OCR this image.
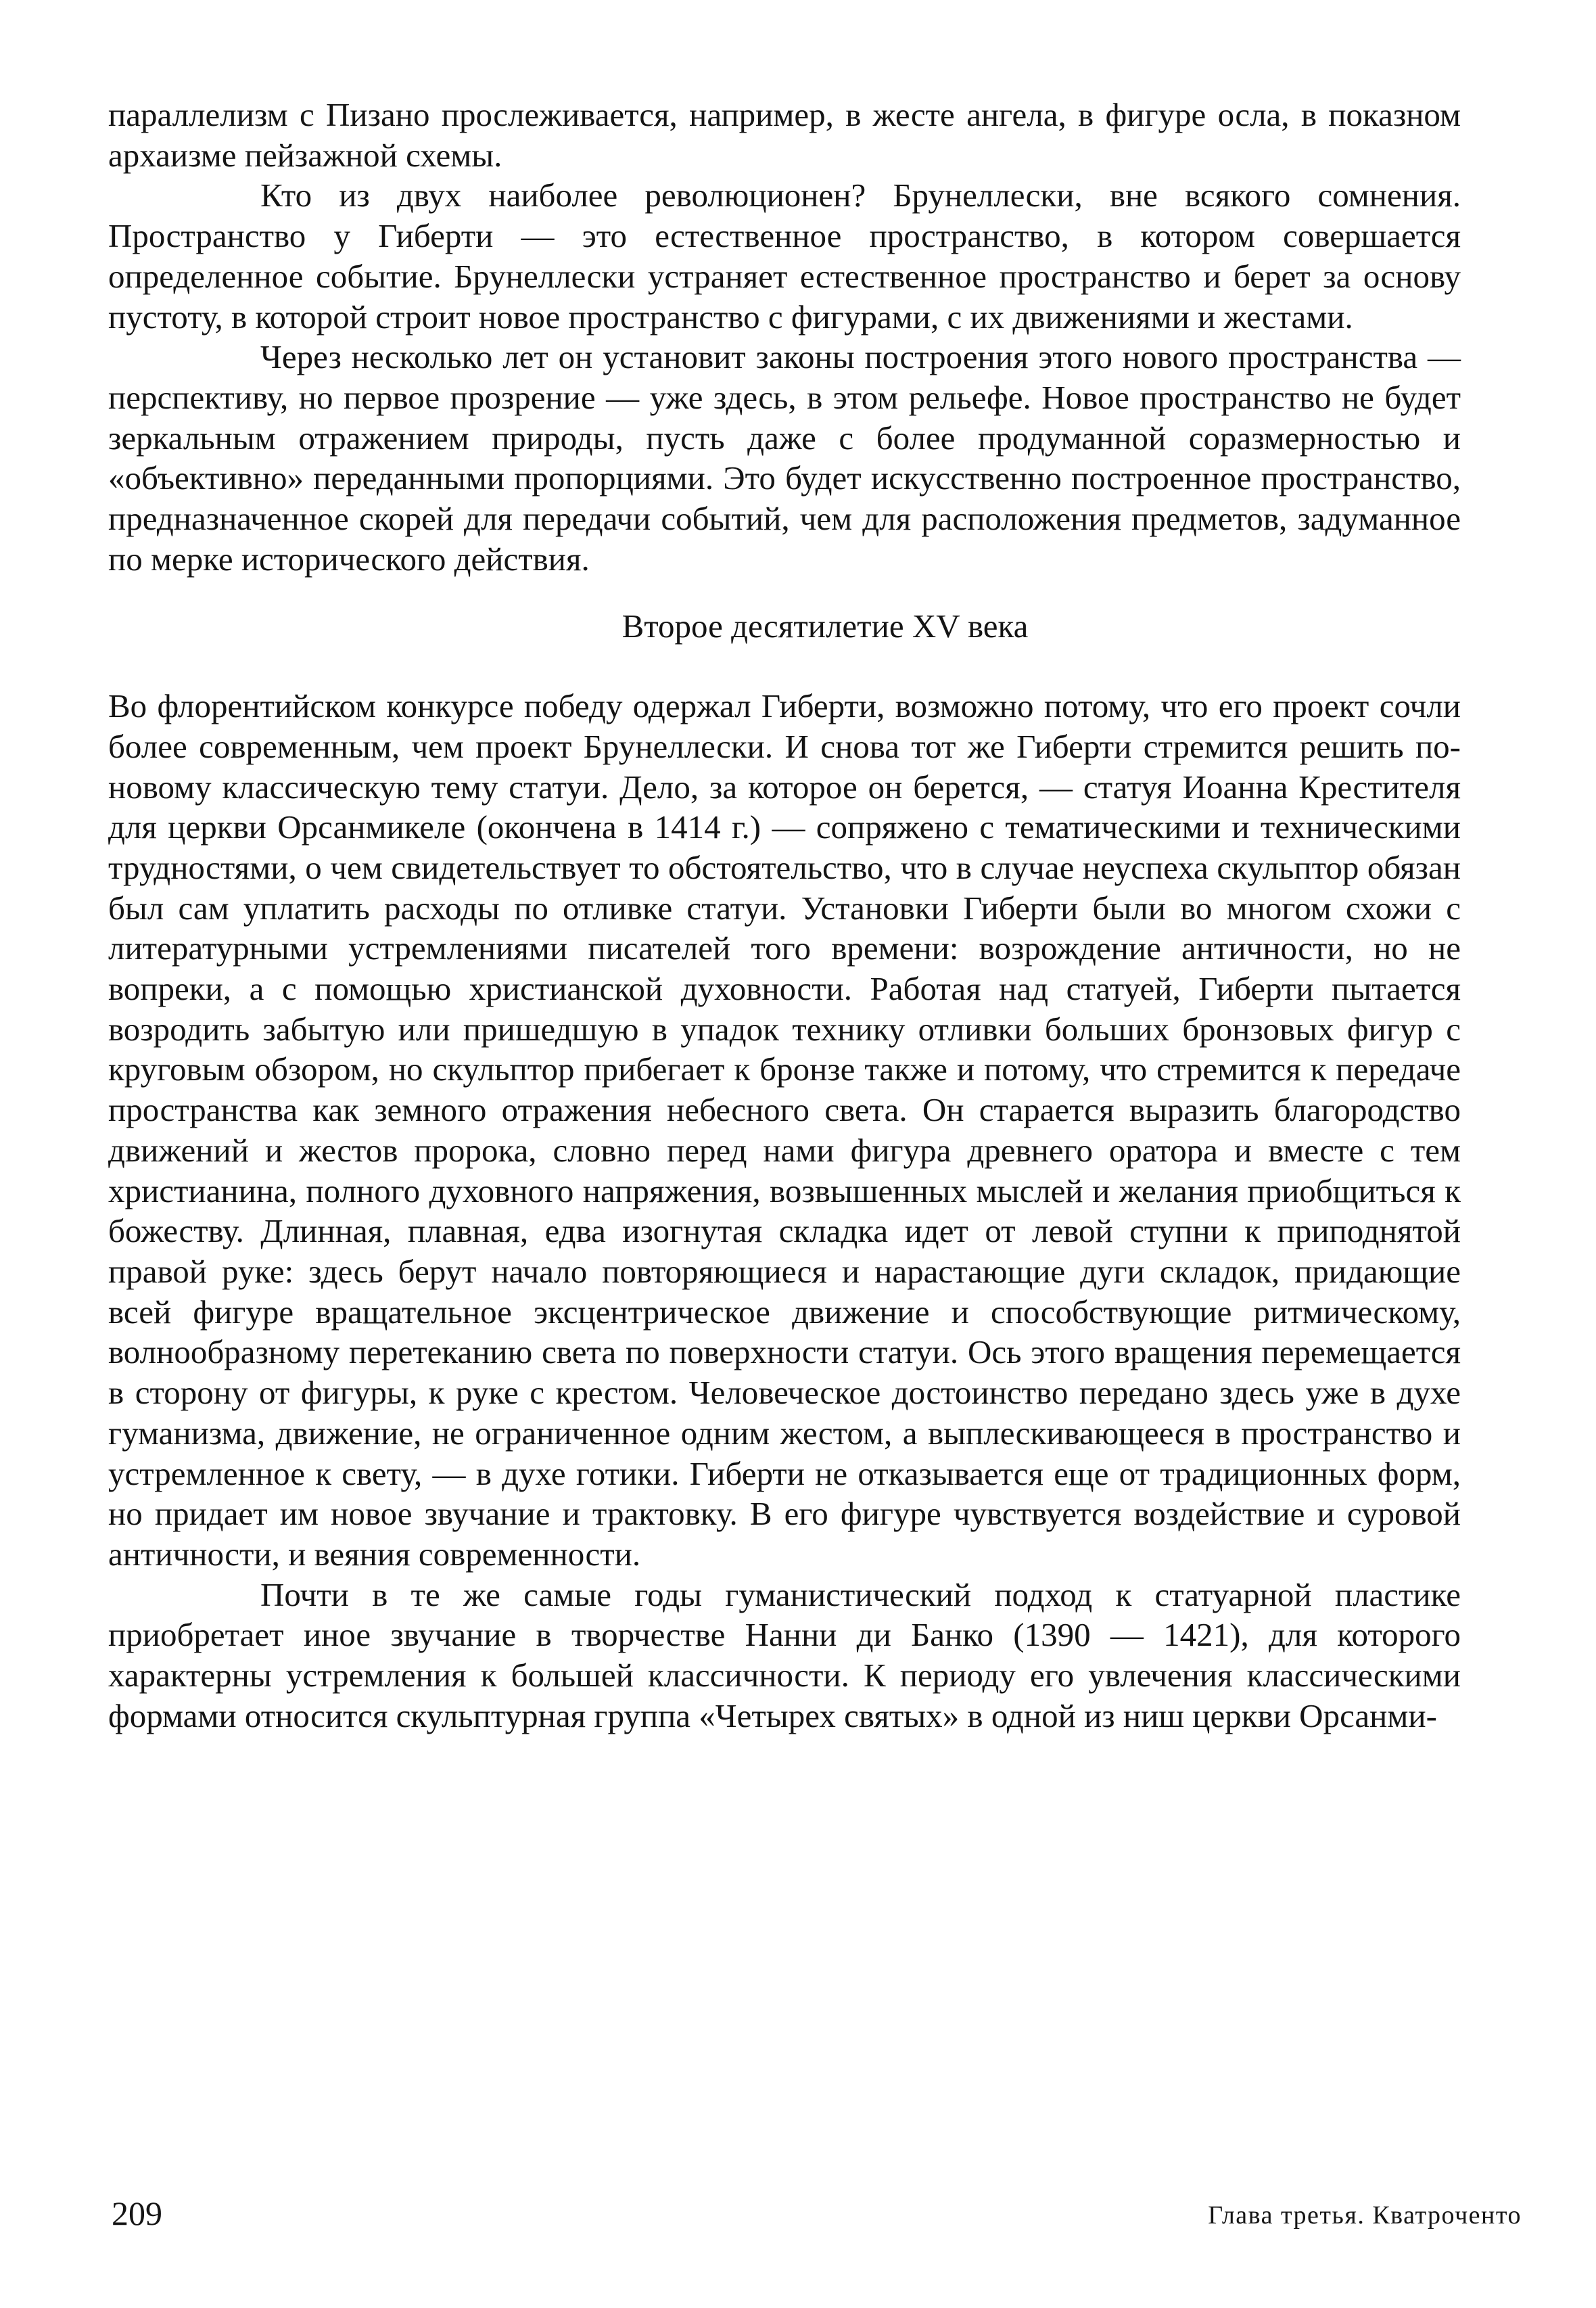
параллелизм с Пизано прослеживается, например, в жесте ангела, в фигуре осла, в показном архаизме пейзажной схемы.

Кто из двух наиболее революционен? Брунеллески, вне всякого сомнения. Пространство у Гиберти — это естественное пространство, в котором совершается определенное событие. Брунеллески устраняет естественное пространство и берет за основу пустоту, в которой строит новое пространство с фигурами, с их движениями и жестами.

Через несколько лет он установит законы построения этого нового пространства — перспективу, но первое прозрение — уже здесь, в этом рельефе. Новое пространство не будет зеркальным отражением природы, пусть даже с более продуманной соразмерностью и «объективно» переданными пропорциями. Это будет искусственно построенное пространство, предназначенное скорей для передачи событий, чем для расположения предметов, задуманное по мерке исторического действия.

Второе десятилетие XV века

Во флорентийском конкурсе победу одержал Гиберти, возможно потому, что его проект сочли более современным, чем проект Брунеллески. И снова тот же Гиберти стремится решить по-новому классическую тему статуи. Дело, за которое он берется, — статуя Иоанна Крестителя для церкви Орсанмикеле (окончена в 1414 г.) — сопряжено с тематическими и техническими трудностями, о чем свидетельствует то обстоятельство, что в случае неуспеха скульптор обязан был сам уплатить расходы по отливке статуи. Установки Гиберти были во многом схожи с литературными устремлениями писателей того времени: возрождение античности, но не вопреки, а с помощью христианской духовности. Работая над статуей, Гиберти пытается возродить забытую или пришедшую в упадок технику отливки больших бронзовых фигур с круговым обзором, но скульптор прибегает к бронзе также и потому, что стремится к передаче пространства как земного отражения небесного света. Он старается выразить благородство движений и жестов пророка, словно перед нами фигура древнего оратора и вместе с тем христианина, полного духовного напряжения, возвышенных мыслей и желания приобщиться к божеству. Длинная, плавная, едва изогнутая складка идет от левой ступни к приподнятой правой руке: здесь берут начало повторяющиеся и нарастающие дуги складок, придающие всей фигуре вращательное эксцентрическое движение и способствующие ритмическому, волнообразному перетеканию света по поверхности статуи. Ось этого вращения перемещается в сторону от фигуры, к руке с крестом. Человеческое достоинство передано здесь уже в духе гуманизма, движение, не ограниченное одним жестом, а выплескивающееся в пространство и устремленное к свету, — в духе готики. Гиберти не отказывается еще от традиционных форм, но придает им новое звучание и трактовку. В его фигуре чувствуется воздействие и суровой античности, и веяния современности.

Почти в те же самые годы гуманистический подход к статуарной пластике приобретает иное звучание в творчестве Нанни ди Банко (1390 — 1421), для которого характерны устремления к большей классичности. К периоду его увлечения классическими формами относится скульптурная группа «Четырех святых» в одной из ниш церкви Орсанми-

209	Глава третья. Кватроченто
